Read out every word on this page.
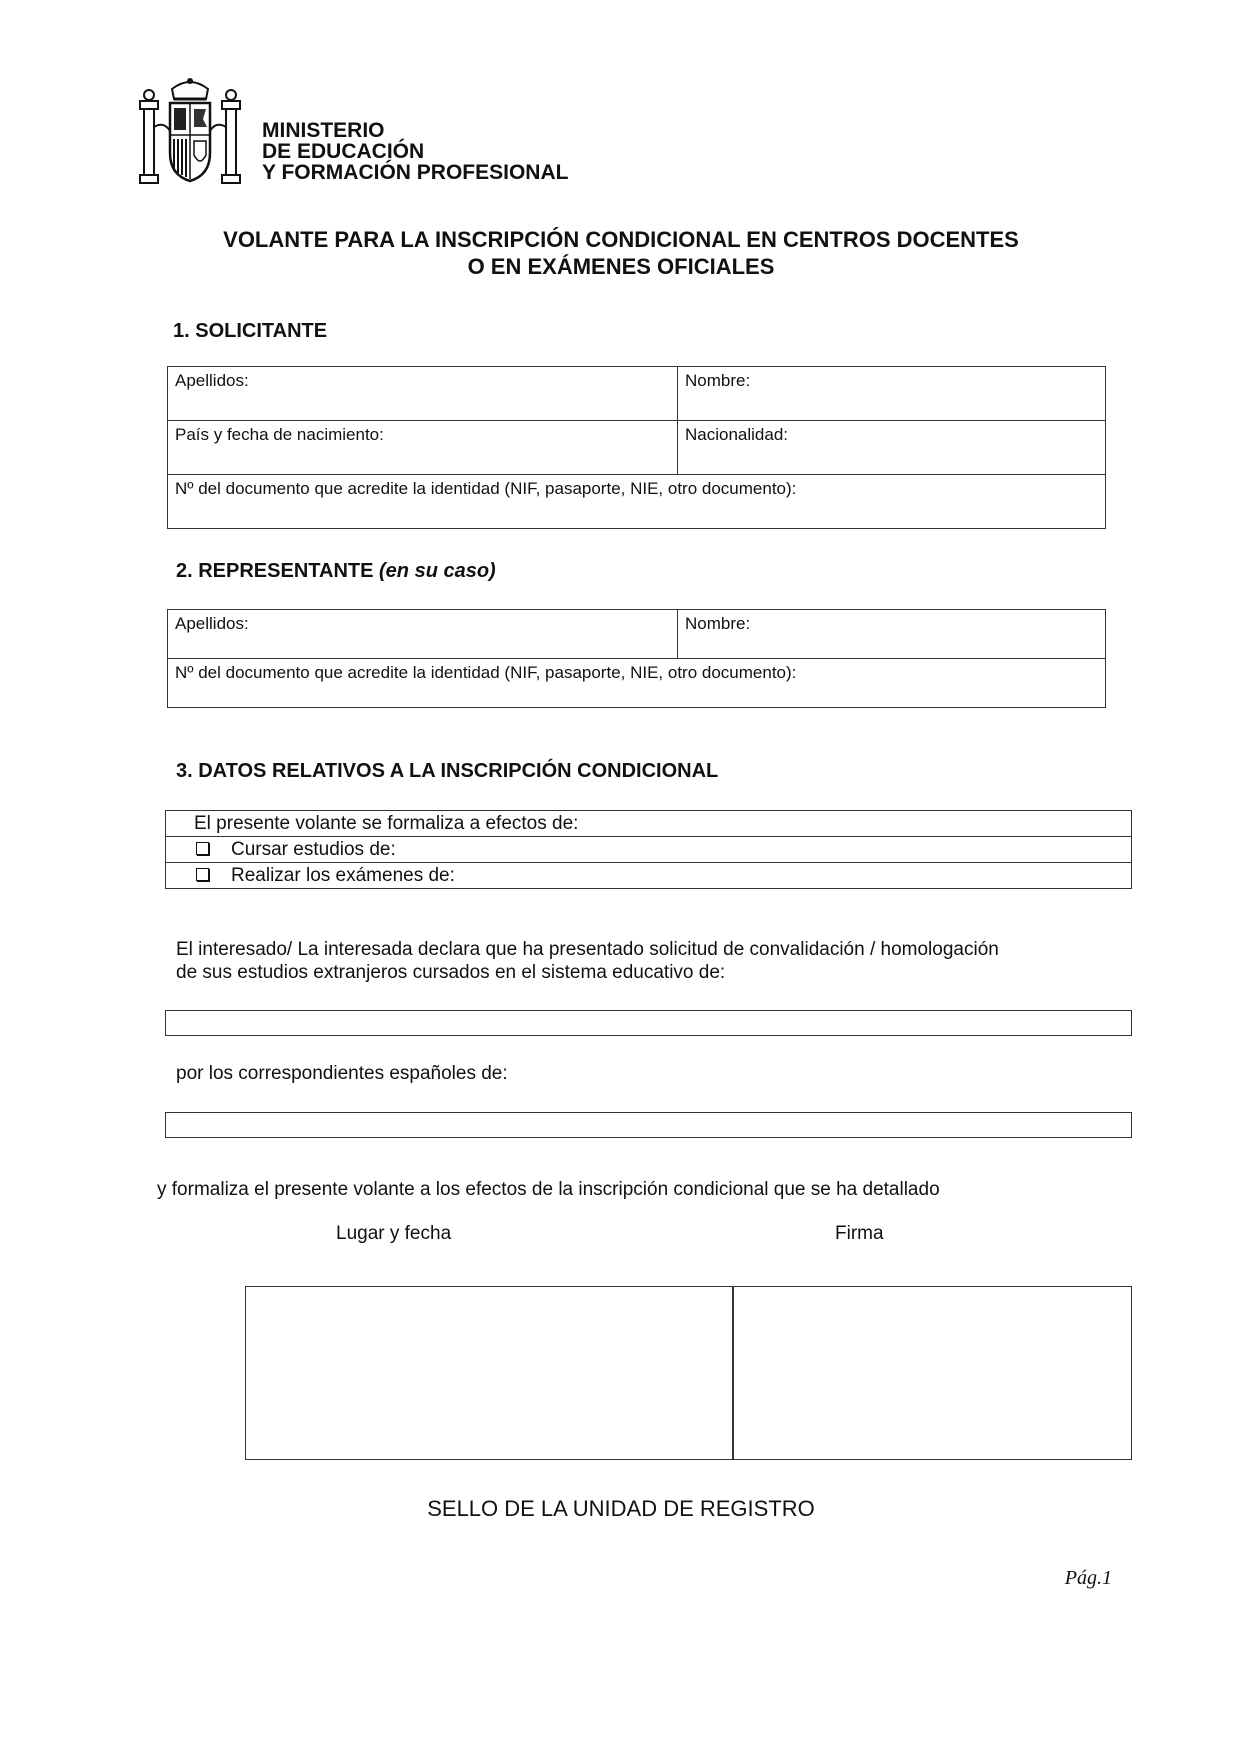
MINISTERIO
DE EDUCACIÓN
Y FORMACIÓN PROFESIONAL
VOLANTE PARA LA INSCRIPCIÓN CONDICIONAL EN CENTROS DOCENTES
O EN EXÁMENES OFICIALES
1. SOLICITANTE
Apellidos:	Nombre:
País y fecha de nacimiento:	Nacionalidad:
Nº del documento que acredite la identidad (NIF, pasaporte, NIE, otro documento):	
2. REPRESENTANTE (en su caso)
Apellidos:	Nombre:
Nº del documento que acredite la identidad (NIF, pasaporte, NIE, otro documento):
3. DATOS RELATIVOS A LA INSCRIPCIÓN CONDICIONAL
El presente volante se formaliza a efectos de:
Cursar estudios de:
Realizar los exámenes de:
El interesado/ La interesada declara que ha presentado solicitud de convalidación / homologación
de sus estudios extranjeros cursados en el sistema educativo de:
por los correspondientes españoles de:
y formaliza el presente volante a los efectos de la inscripción condicional que se ha detallado
Lugar y fecha	Firma
SELLO DE LA UNIDAD DE REGISTRO
Pág.1
